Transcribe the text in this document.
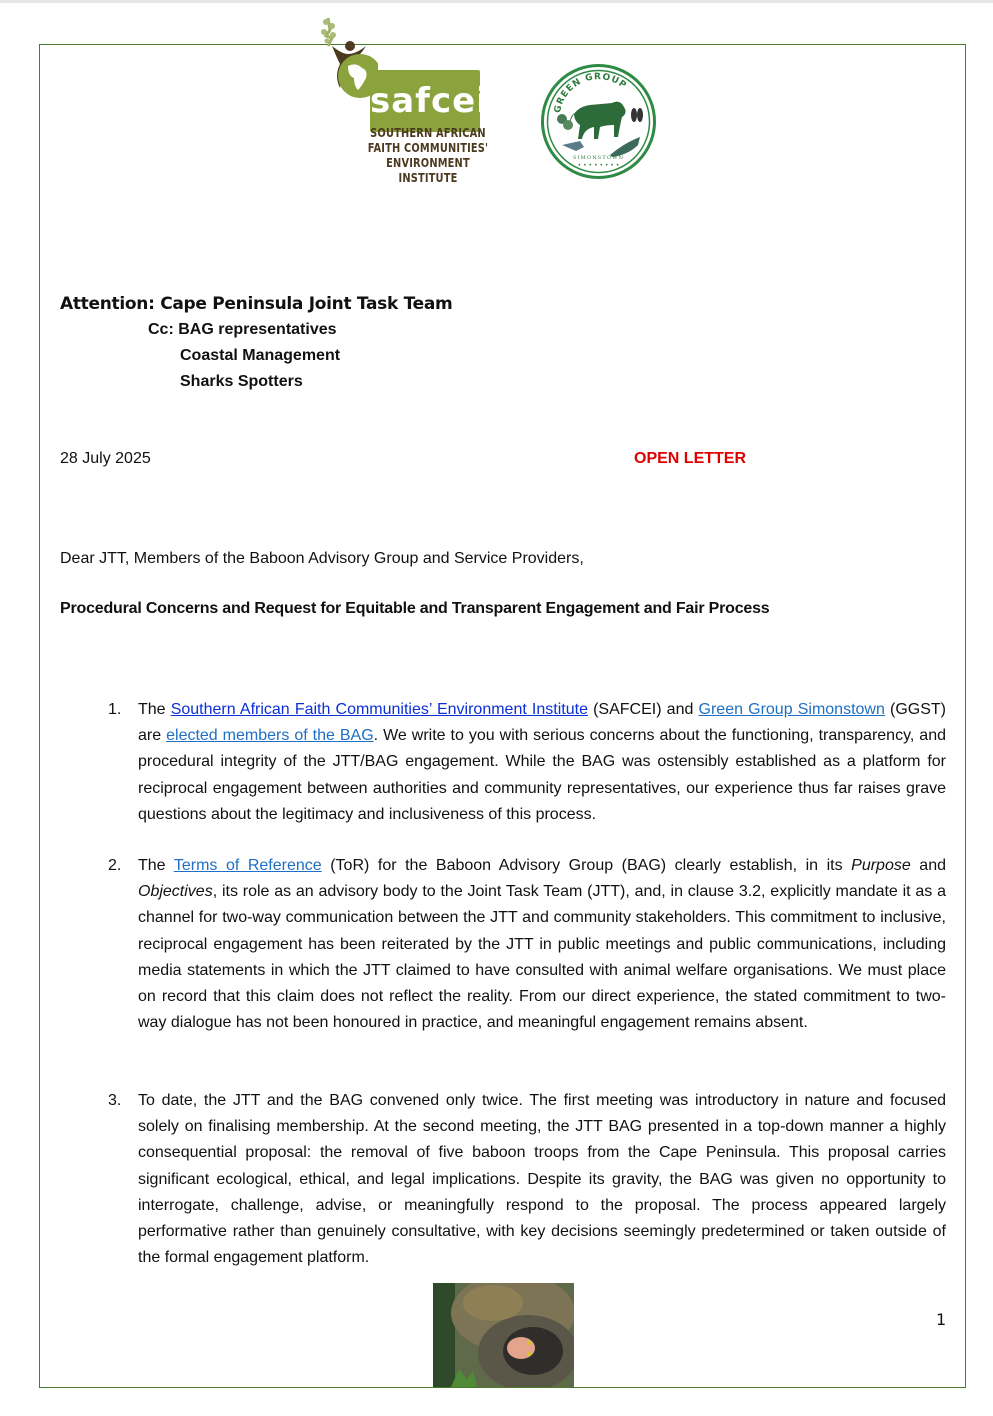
safcei
SOUTHERN AFRICAN
FAITH COMMUNITIES'
ENVIRONMENT INSTITUTE
GREEN GROUP
SIMONSTOWN
• • • • • • • •
Attention: Cape Peninsula Joint Task Team
Cc: BAG representatives
Coastal Management
Sharks Spotters
28 July 2025	OPEN LETTER
Dear JTT, Members of the Baboon Advisory Group and Service Providers,
Procedural Concerns and Request for Equitable and Transparent Engagement and Fair Process
1.	The Southern African Faith Communities’ Environment Institute (SAFCEI) and Green Group Simonstown (GGST) are elected members of the BAG. We write to you with serious concerns about the functioning, transparency, and procedural integrity of the JTT/BAG engagement. While the BAG was ostensibly established as a platform for reciprocal engagement between authorities and community representatives, our experience thus far raises grave questions about the legitimacy and inclusiveness of this process.
2.	The Terms of Reference (ToR) for the Baboon Advisory Group (BAG) clearly establish, in its Purpose and Objectives, its role as an advisory body to the Joint Task Team (JTT), and, in clause 3.2, explicitly mandate it as a channel for two-way communication between the JTT and community stakeholders. This commitment to inclusive, reciprocal engagement has been reiterated by the JTT in public meetings and public communications, including media statements in which the JTT claimed to have consulted with animal welfare organisations. We must place on record that this claim does not reflect the reality. From our direct experience, the stated commitment to two-way dialogue has not been honoured in practice, and meaningful engagement remains absent.
3.	To date, the JTT and the BAG convened only twice. The first meeting was introductory in nature and focused solely on finalising membership. At the second meeting, the JTT BAG presented in a top-down manner a highly consequential proposal: the removal of five baboon troops from the Cape Peninsula. This proposal carries significant ecological, ethical, and legal implications. Despite its gravity, the BAG was given no opportunity to interrogate, challenge, advise, or meaningfully respond to the proposal. The process appeared largely performative rather than genuinely consultative, with key decisions seemingly predetermined or taken outside of the formal engagement platform.
1
